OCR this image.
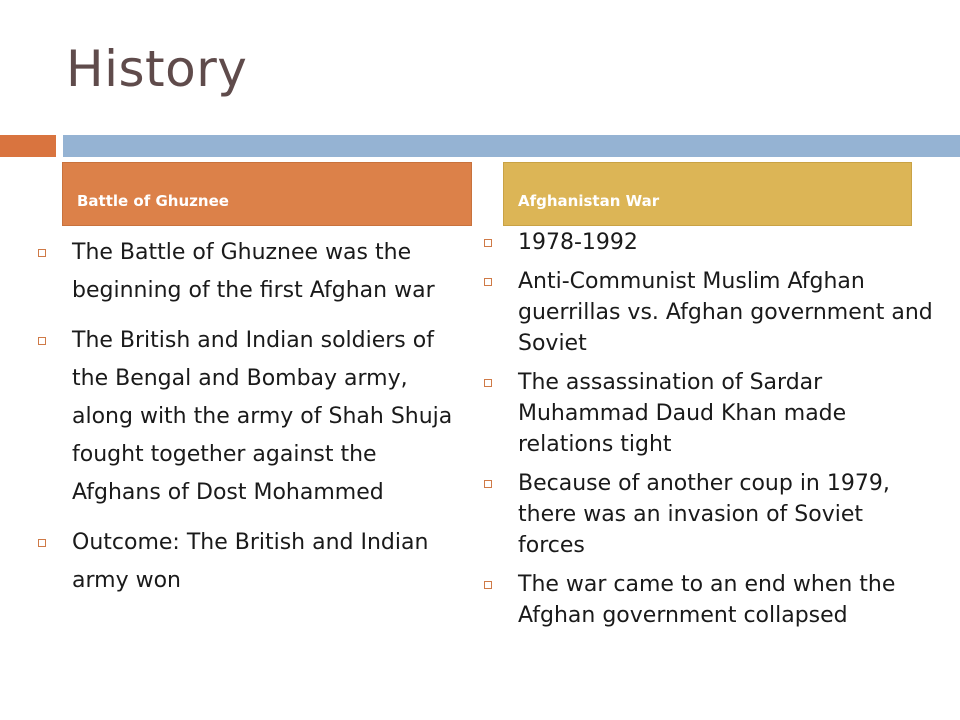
History
Battle of Ghuznee	Afghanistan War
The Battle of Ghuznee was the beginning of the first Afghan war
The British and Indian soldiers of the Bengal and Bombay army, along with the army of Shah Shuja fought together against the Afghans of Dost Mohammed
Outcome: The British and Indian army won
1978-1992
Anti-Communist Muslim Afghan guerrillas vs. Afghan government and Soviet
The assassination of Sardar Muhammad Daud Khan made relations tight
Because of another coup in 1979, there was an invasion of Soviet forces
The war came to an end when the Afghan government collapsed
